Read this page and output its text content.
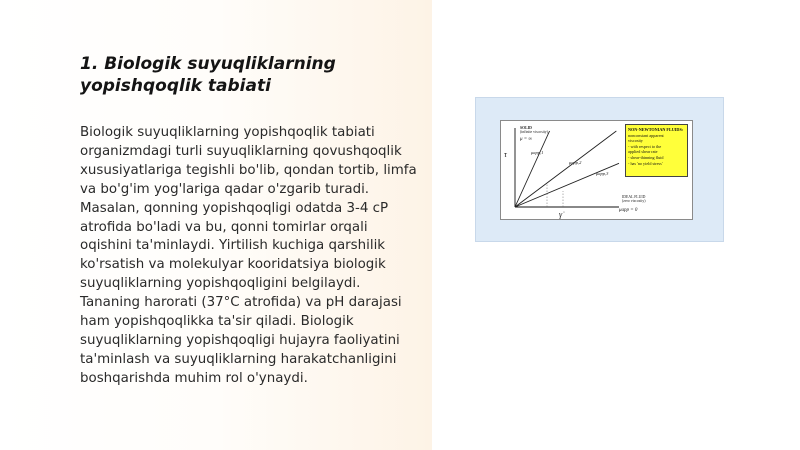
1. Biologik suyuqliklarning
yopishqoqlik tabiati
Biologik suyuqliklarning yopishqoqlik tabiati organizmdagi turli suyuqliklarning qovushqoqlik xususiyatlariga tegishli bo'lib, qondan tortib, limfa va bo'g'im yog'lariga qadar o'zgarib turadi. Masalan, qonning yopishqoqligi odatda 3-4 cP atrofida bo'ladi va bu, qonni tomirlar orqali oqishini ta'minlaydi. Yirtilish kuchiga qarshilik ko'rsatish va molekulyar kooridatsiya biologik suyuqliklarning yopishqoqligini belgilaydi. Tananing harorati (37°C atrofida) va pH darajasi ham yopishqoqlikka ta'sir qiladi. Biologik suyuqliklarning yopishqoqligi hujayra faoliyatini ta'minlash va suyuqliklarning harakatchanligini boshqarishda muhim rol o'ynaydi.
τ
γ̇
SOLID
(infinite viscosity)
μ = ∞
μapp,1
μapp,2
μapp,3
IDEAL FLUID
(zero viscosity)
μapp = 0
NON-NEWTONIAN FLUIDS:
nonconstant apparent
viscosity
- with respect to the
applied shear rate
- shear-thinning fluid
- has 'no yield stress'
